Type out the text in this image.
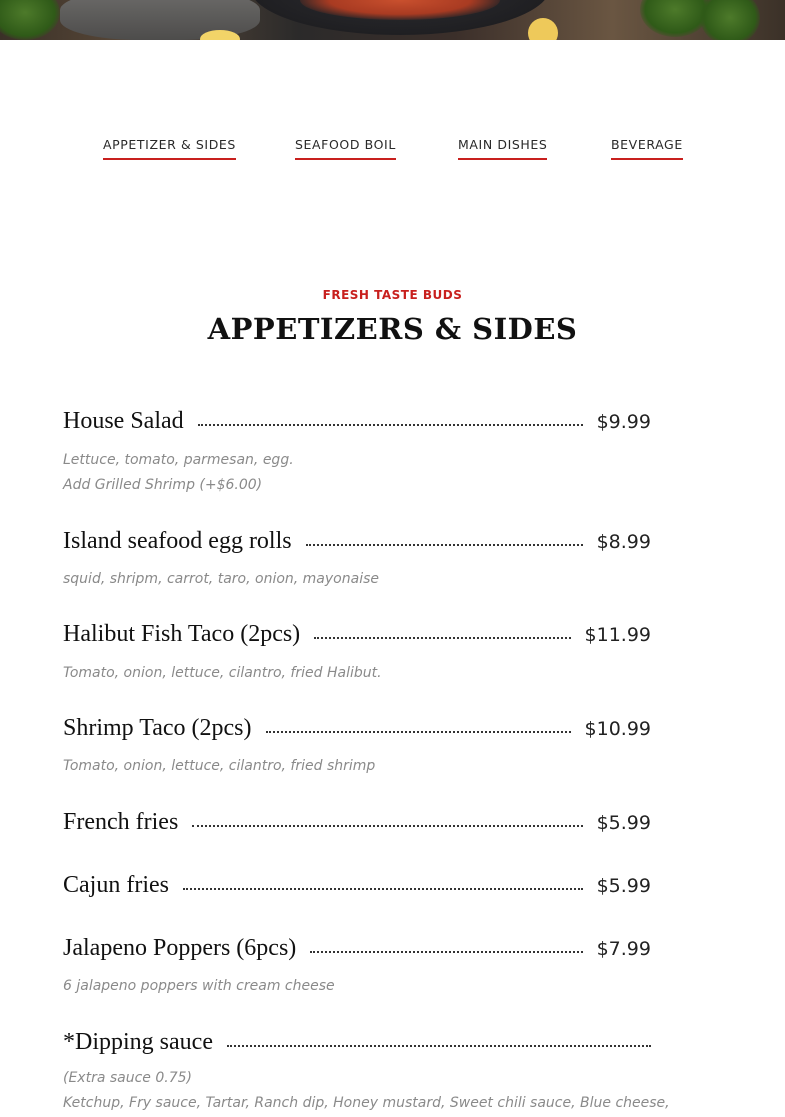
APPETIZER & SIDES	SEAFOOD BOIL	MAIN DISHES	BEVERAGE
FRESH TASTE BUDS
APPETIZERS & SIDES
House Salad	$9.99
Lettuce, tomato, parmesan, egg.
Add Grilled Shrimp (+$6.00)
Island seafood egg rolls	$8.99
squid, shripm, carrot, taro, onion, mayonaise
Halibut Fish Taco (2pcs)	$11.99
Tomato, onion, lettuce, cilantro, fried Halibut.
Shrimp Taco (2pcs)	$10.99
Tomato, onion, lettuce, cilantro, fried shrimp
French fries	$5.99
Cajun fries	$5.99
Jalapeno Poppers (6pcs)	$7.99
6 jalapeno poppers with cream cheese
*Dipping sauce
(Extra sauce 0.75)
Ketchup, Fry sauce, Tartar, Ranch dip, Honey mustard, Sweet chili sauce, Blue cheese,
